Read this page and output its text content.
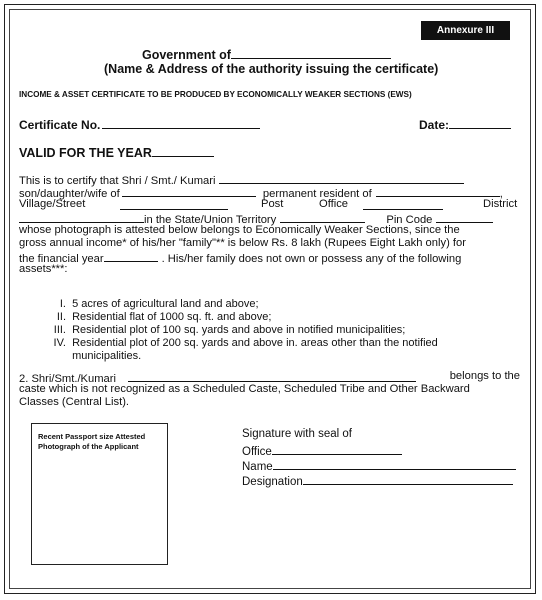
Annexure III
Government of
(Name & Address of the authority issuing the certificate)
INCOME & ASSET CERTIFICATE TO BE PRODUCED BY ECONOMICALLY WEAKER SECTIONS (EWS)
Certificate No.	Date:
VALID FOR THE YEAR
This is to certify that Shri / Smt./ Kumari
son/daughter/wife of	permanent resident of	,
Village/Street	Post	Office	District
in the State/Union Territory	Pin Code
whose photograph is attested below belongs to Economically Weaker Sections, since the
gross annual income* of his/her "family"** is below Rs. 8 lakh (Rupees Eight Lakh only) for
the financial year	. His/her family does not own or possess any of the following
assets***:
I. 5 acres of agricultural land and above;
II. Residential flat of 1000 sq. ft. and above;
III. Residential plot of 100 sq. yards and above in notified municipalities;
IV. Residential plot of 200 sq. yards and above in. areas other than the notified
municipalities.
2. Shri/Smt./Kumari	belongs to the
caste which is not recognized as a Scheduled Caste, Scheduled Tribe and Other Backward
Classes (Central List).
Recent Passport size Attested Photograph of the Applicant
Signature with seal of
Office
Name
Designation
